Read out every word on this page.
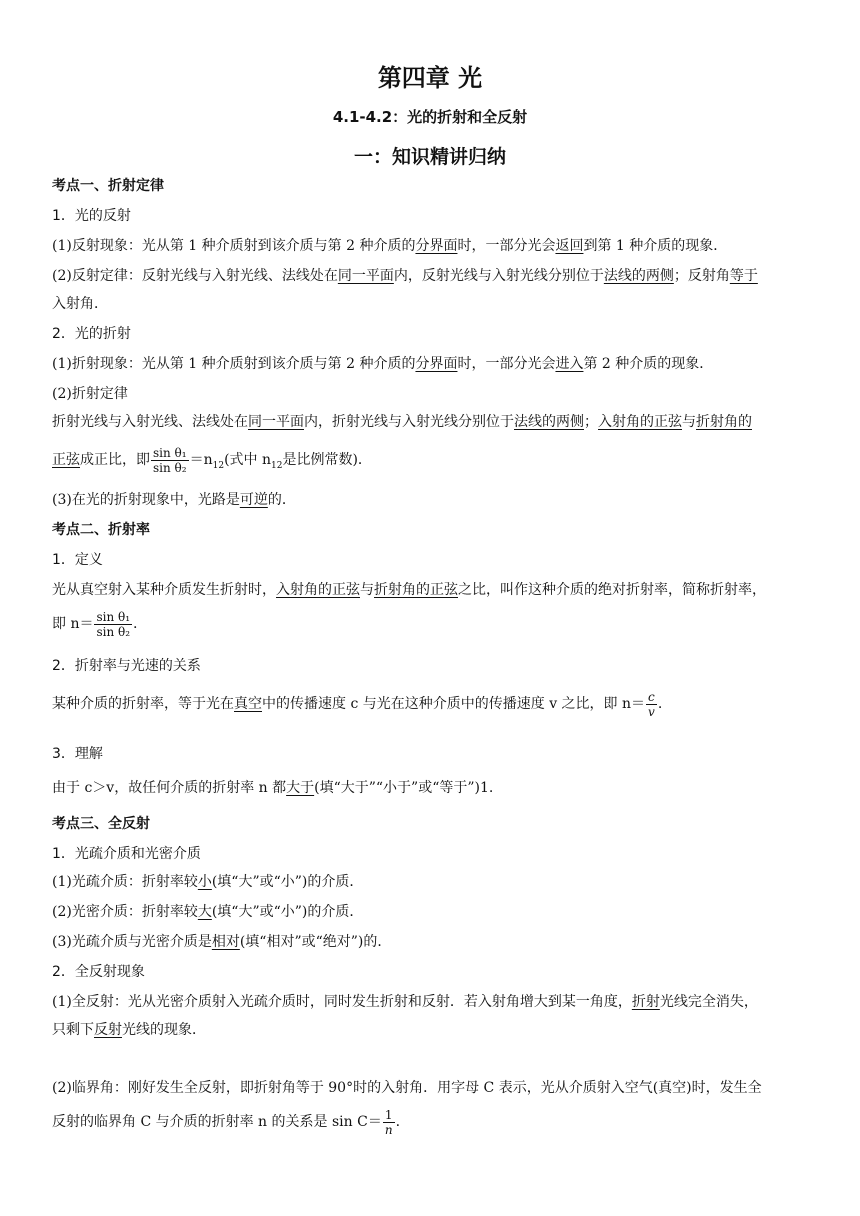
第四章 光
4.1-4.2：光的折射和全反射
一：知识精讲归纳
考点一、折射定律
1．光的反射
(1)反射现象：光从第 1 种介质射到该介质与第 2 种介质的分界面时，一部分光会返回到第 1 种介质的现象．
(2)反射定律：反射光线与入射光线、法线处在同一平面内，反射光线与入射光线分别位于法线的两侧；反射角等于
入射角．
2．光的折射
(1)折射现象：光从第 1 种介质射到该介质与第 2 种介质的分界面时，一部分光会进入第 2 种介质的现象．
(2)折射定律
折射光线与入射光线、法线处在同一平面内，折射光线与入射光线分别位于法线的两侧；入射角的正弦与折射角的
正弦成正比，即 $\frac{\text{sin θ₁}}{\text{sin θ₂}} =n_{12}$(式中 $n_{12}$是比例常数)．
(3)在光的折射现象中，光路是可逆的．
考点二、折射率
1．定义
光从真空射入某种介质发生折射时，入射角的正弦与折射角的正弦之比，叫作这种介质的绝对折射率，简称折射率，
即 $n= \frac{\text{sin θ₁}}{\text{sin θ₂}}$ .
2．折射率与光速的关系
某种介质的折射率，等于光在真空中的传播速度 c 与光在这种介质中的传播速度 v 之比，即 $n= \frac{c}{v}$ .
3．理解
由于 c＞v，故任何介质的折射率 n 都大于(填“大于”“小于”或“等于”)1.
考点三、全反射
1．光疏介质和光密介质
(1)光疏介质：折射率较小(填“大”或“小”)的介质．
(2)光密介质：折射率较大(填“大”或“小”)的介质．
(3)光疏介质与光密介质是相对(填“相对”或“绝对”)的．
2．全反射现象
(1)全反射：光从光密介质射入光疏介质时，同时发生折射和反射．若入射角增大到某一角度，折射光线完全消失，
只剩下反射光线的现象．
(2)临界角：刚好发生全反射，即折射角等于 90°时的入射角．用字母 C 表示，光从介质射入空气(真空)时，发生全
反射的临界角 C 与介质的折射率 n 的关系是 $\sin C= \frac{1}{n}$ .
